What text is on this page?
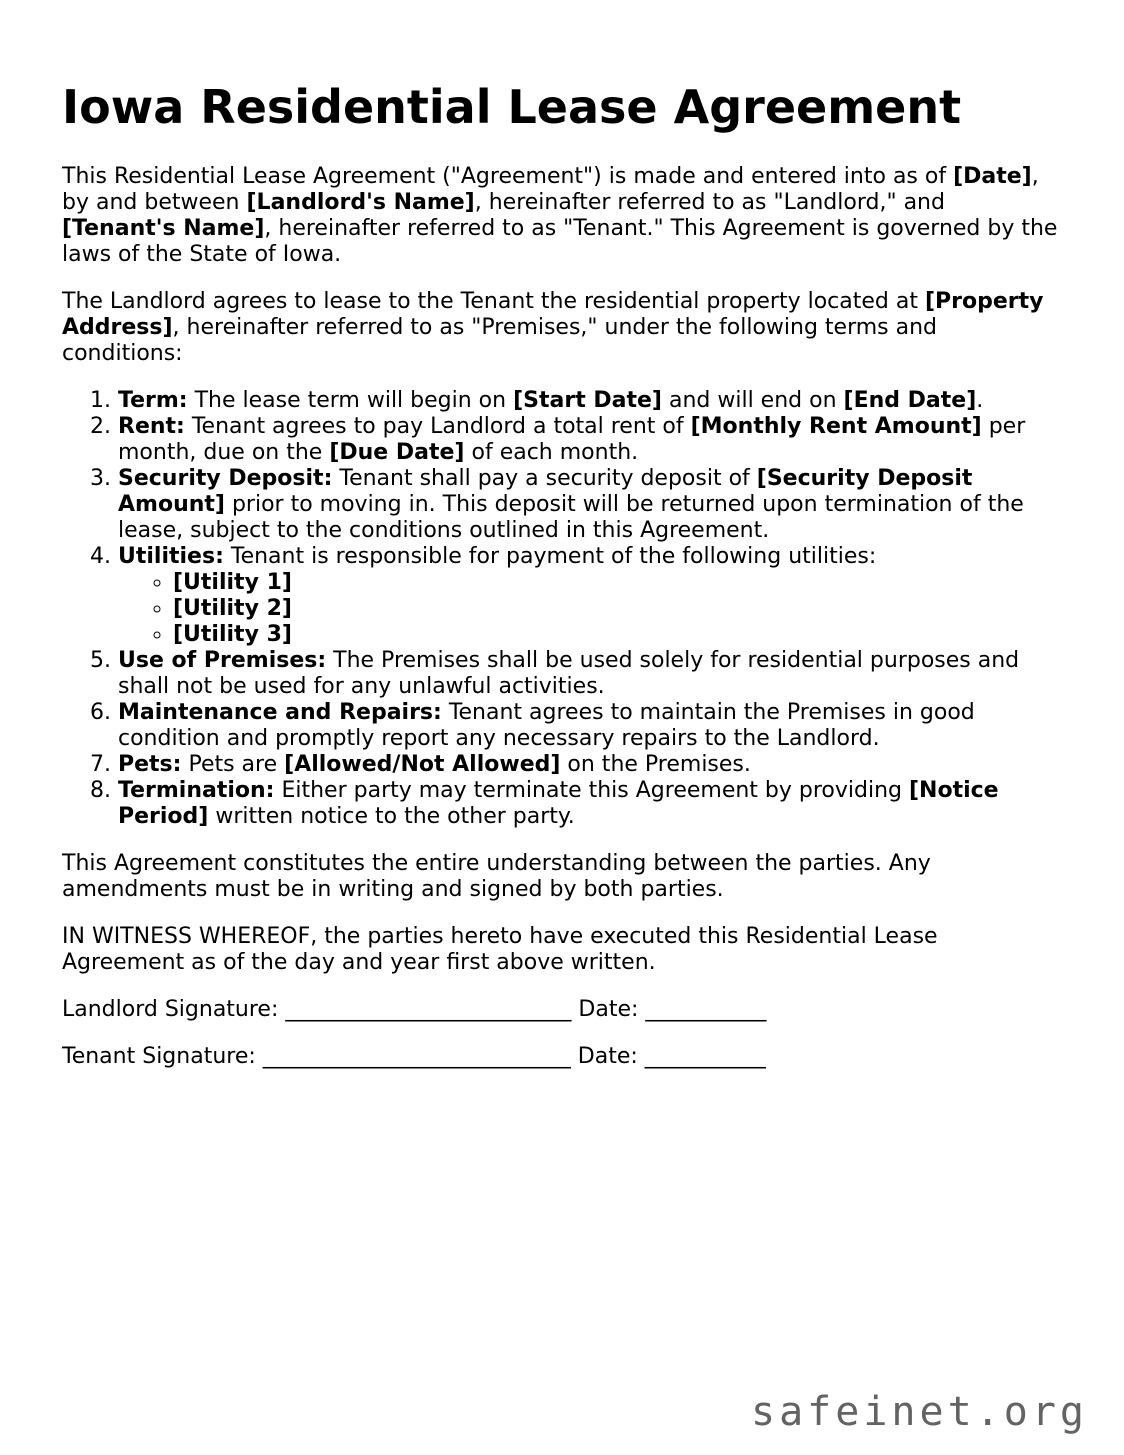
Iowa Residential Lease Agreement

This Residential Lease Agreement ("Agreement") is made and entered into as of [Date], by and between [Landlord's Name], hereinafter referred to as "Landlord," and [Tenant's Name], hereinafter referred to as "Tenant." This Agreement is governed by the laws of the State of Iowa.

The Landlord agrees to lease to the Tenant the residential property located at [Property Address], hereinafter referred to as "Premises," under the following terms and conditions:

1. Term: The lease term will begin on [Start Date] and will end on [End Date].
2. Rent: Tenant agrees to pay Landlord a total rent of [Monthly Rent Amount] per month, due on the [Due Date] of each month.
3. Security Deposit: Tenant shall pay a security deposit of [Security Deposit Amount] prior to moving in. This deposit will be returned upon termination of the lease, subject to the conditions outlined in this Agreement.
4. Utilities: Tenant is responsible for payment of the following utilities:
◦ [Utility 1]
◦ [Utility 2]
◦ [Utility 3]
5. Use of Premises: The Premises shall be used solely for residential purposes and shall not be used for any unlawful activities.
6. Maintenance and Repairs: Tenant agrees to maintain the Premises in good condition and promptly report any necessary repairs to the Landlord.
7. Pets: Pets are [Allowed/Not Allowed] on the Premises.
8. Termination: Either party may terminate this Agreement by providing [Notice Period] written notice to the other party.

This Agreement constitutes the entire understanding between the parties. Any amendments must be in writing and signed by both parties.

IN WITNESS WHEREOF, the parties hereto have executed this Residential Lease Agreement as of the day and year first above written.

Landlord Signature: __________________________ Date: ___________

Tenant Signature: ____________________________ Date: ___________

safeinet.org
